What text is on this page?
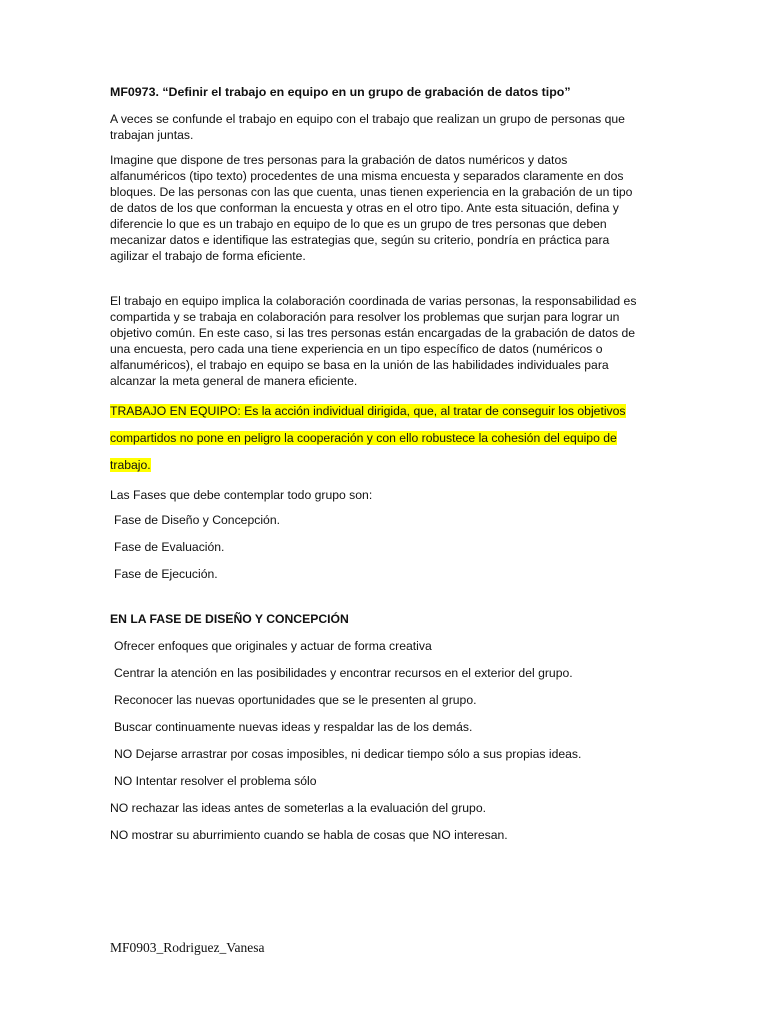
MF0973. “Definir el trabajo en equipo en un grupo de grabación de datos tipo”

A veces se confunde el trabajo en equipo con el trabajo que realizan un grupo de personas que trabajan juntas.

Imagine que dispone de tres personas para la grabación de datos numéricos y datos alfanuméricos (tipo texto) procedentes de una misma encuesta y separados claramente en dos bloques. De las personas con las que cuenta, unas tienen experiencia en la grabación de un tipo de datos de los que conforman la encuesta y otras en el otro tipo. Ante esta situación, defina y diferencie lo que es un trabajo en equipo de lo que es un grupo de tres personas que deben mecanizar datos e identifique las estrategias que, según su criterio, pondría en práctica para agilizar el trabajo de forma eficiente.

El trabajo en equipo implica la colaboración coordinada de varias personas, la responsabilidad es compartida y se trabaja en colaboración para resolver los problemas que surjan para lograr un objetivo común. En este caso, si las tres personas están encargadas de la grabación de datos de una encuesta, pero cada una tiene experiencia en un tipo específico de datos (numéricos o alfanuméricos), el trabajo en equipo se basa en la unión de las habilidades individuales para alcanzar la meta general de manera eficiente.

TRABAJO EN EQUIPO: Es la acción individual dirigida, que, al tratar de conseguir los objetivos compartidos no pone en peligro la cooperación y con ello robustece la cohesión del equipo de trabajo.

Las Fases que debe contemplar todo grupo son:

Fase de Diseño y Concepción.
Fase de Evaluación.
Fase de Ejecución.
EN LA FASE DE DISEÑO Y CONCEPCIÓN
Ofrecer enfoques que originales y actuar de forma creativa
Centrar la atención en las posibilidades y encontrar recursos en el exterior del grupo.
Reconocer las nuevas oportunidades que se le presenten al grupo.
Buscar continuamente nuevas ideas y respaldar las de los demás.
NO Dejarse arrastrar por cosas imposibles, ni dedicar tiempo sólo a sus propias ideas.
NO Intentar resolver el problema sólo
NO rechazar las ideas antes de someterlas a la evaluación del grupo.
NO mostrar su aburrimiento cuando se habla de cosas que NO interesan.
MF0903_Rodriguez_Vanesa
